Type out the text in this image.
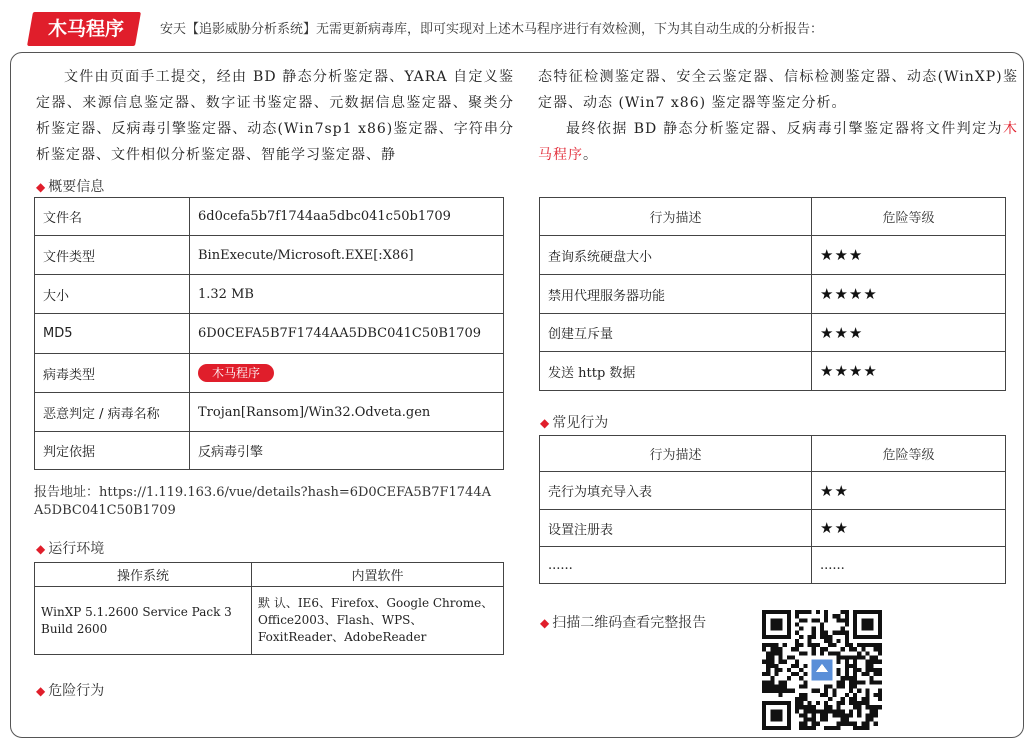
木马程序	安天【追影威胁分析系统】无需更新病毒库，即可实现对上述木马程序进行有效检测，下为其自动生成的分析报告：
文件由页面手工提交，经由 BD 静态分析鉴定器、YARA 自定义鉴定器、来源信息鉴定器、数字证书鉴定器、元数据信息鉴定器、聚类分析鉴定器、反病毒引擎鉴定器、动态(Win7sp1 x86)鉴定器、字符串分析鉴定器、文件相似分析鉴定器、智能学习鉴定器、静
态特征检测鉴定器、安全云鉴定器、信标检测鉴定器、动态(WinXP)鉴定器、动态 (Win7 x86) 鉴定器等鉴定分析。
最终依据 BD 静态分析鉴定器、反病毒引擎鉴定器将文件判定为木马程序。
◆ 概要信息
文件名	6d0cefa5b7f1744aa5dbc041c50b1709
文件类型	BinExecute/Microsoft.EXE[:X86]
大小	1.32 MB
MD5	6D0CEFA5B7F1744AA5DBC041C50B1709
病毒类型	木马程序
恶意判定 / 病毒名称	Trojan[Ransom]/Win32.Odveta.gen
判定依据	反病毒引擎
报告地址：https://1.119.163.6/vue/details?hash=6D0CEFA5B7F1744A
A5DBC041C50B1709
◆ 运行环境
操作系统	内置软件
WinXP 5.1.2600 Service Pack 3 Build 2600	默 认、IE6、Firefox、Google Chrome、Office2003、Flash、WPS、FoxitReader、AdobeReader
◆ 危险行为
行为描述	危险等级
查询系统硬盘大小	★★★
禁用代理服务器功能	★★★★
创建互斥量	★★★
发送 http 数据	★★★★
◆ 常见行为
行为描述	危险等级
壳行为填充导入表	★★
设置注册表	★★
......	......
◆ 扫描二维码查看完整报告
